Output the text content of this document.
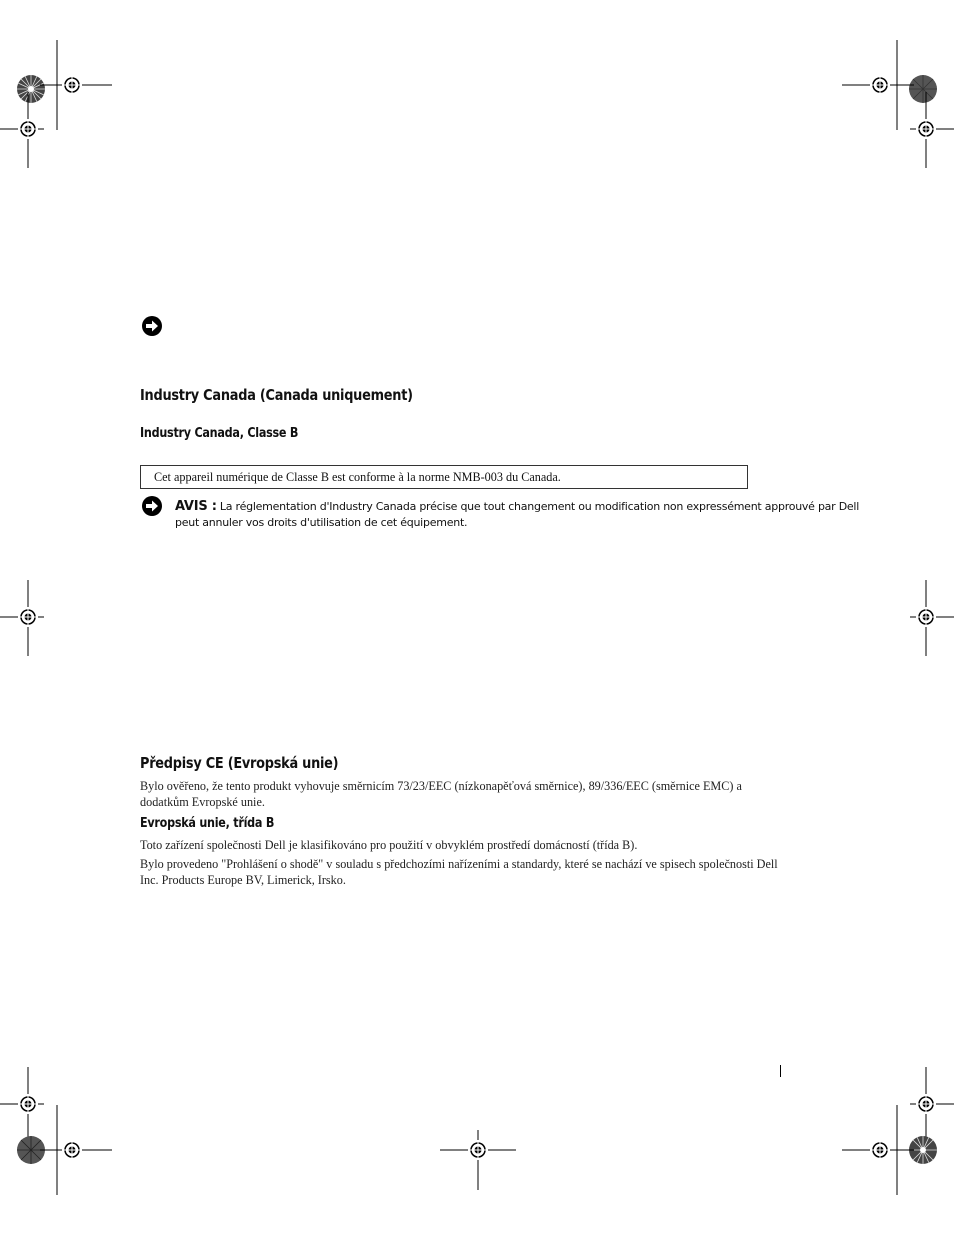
Industry Canada (Canada uniquement)
Industry Canada, Classe B
Cet appareil numérique de Classe B est conforme à la norme NMB-003 du Canada.
AVIS : La réglementation d'Industry Canada précise que tout changement ou modification non expressément approuvé par Dell
peut annuler vos droits d'utilisation de cet équipement.
Předpisy CE (Evropská unie)
Bylo ověřeno, že tento produkt vyhovuje směrnicím 73/23/EEC (nízkonapěťová směrnice), 89/336/EEC (směrnice EMC) a
dodatkům Evropské unie.
Evropská unie, třída B
Toto zařízení společnosti Dell je klasifikováno pro použití v obvyklém prostředí domácností (třída B).
Bylo provedeno "Prohlášení o shodě" v souladu s předchozími nařízeními a standardy, které se nachází ve spisech společnosti Dell
Inc. Products Europe BV, Limerick, Irsko.
